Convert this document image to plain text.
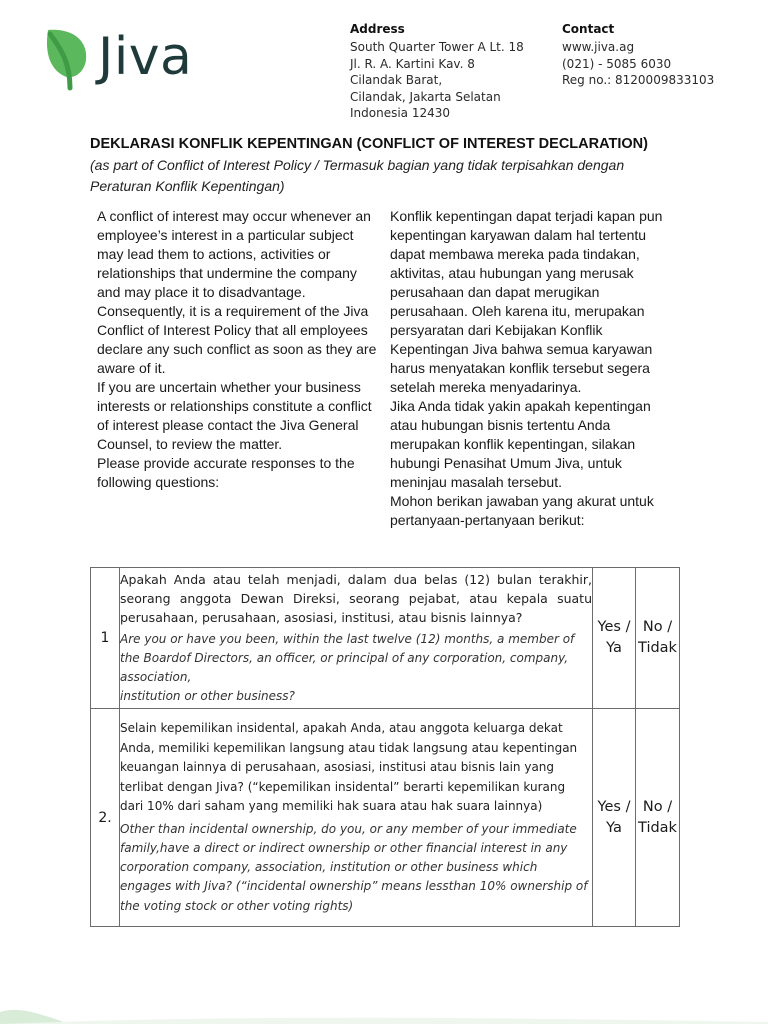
Jiva	Address
South Quarter Tower A Lt. 18
Jl. R. A. Kartini Kav. 8
Cilandak Barat,
Cilandak, Jakarta Selatan
Indonesia 12430
Contact
www.jiva.ag
(021) - 5085 6030
Reg no.: 8120009833103
DEKLARASI KONFLIK KEPENTINGAN (CONFLICT OF INTEREST DECLARATION)
(as part of Conflict of Interest Policy / Termasuk bagian yang tidak terpisahkan dengan Peraturan Konflik Kepentingan)

A conflict of interest may occur whenever an employee’s interest in a particular subject may lead them to actions, activities or relationships that undermine the company and may place it to disadvantage. Consequently, it is a requirement of the Jiva Conflict of Interest Policy that all employees declare any such conflict as soon as they are aware of it.

If you are uncertain whether your business interests or relationships constitute a conflict of interest please contact the Jiva General Counsel, to review the matter.

Please provide accurate responses to the following questions:

Konflik kepentingan dapat terjadi kapan pun kepentingan karyawan dalam hal tertentu dapat membawa mereka pada tindakan, aktivitas, atau hubungan yang merusak perusahaan dan dapat merugikan perusahaan. Oleh karena itu, merupakan persyaratan dari Kebijakan Konflik Kepentingan Jiva bahwa semua karyawan harus menyatakan konflik tersebut segera setelah mereka menyadarinya.

Jika Anda tidak yakin apakah kepentingan atau hubungan bisnis tertentu Anda merupakan konflik kepentingan, silakan hubungi Penasihat Umum Jiva, untuk meninjau masalah tersebut.

Mohon berikan jawaban yang akurat untuk pertanyaan-pertanyaan berikut:

1	Apakah Anda atau telah menjadi, dalam dua belas (12) bulan terakhir, seorang anggota Dewan Direksi, seorang pejabat, atau kepala suatu perusahaan, perusahaan, asosiasi, institusi, atau bisnis lainnya?
Are you or have you been, within the last twelve (12) months, a member of the Boardof Directors, an officer, or principal of any corporation, company, association,
institution or other business?	Yes / Ya	No / Tidak
2.	Selain kepemilikan insidental, apakah Anda, atau anggota keluarga dekat Anda, memiliki kepemilikan langsung atau tidak langsung atau kepentingan keuangan lainnya di perusahaan, asosiasi, institusi atau bisnis lain yang terlibat dengan Jiva? (“kepemilikan insidental” berarti kepemilikan kurang dari 10% dari saham yang memiliki hak suara atau hak suara lainnya)
Other than incidental ownership, do you, or any member of your immediate family,have a direct or indirect ownership or other financial interest in any corporation company, association, institution or other business which engages with Jiva? (“incidental ownership” means lessthan 10% ownership of the voting stock or other voting rights)	Yes / Ya	No / Tidak
